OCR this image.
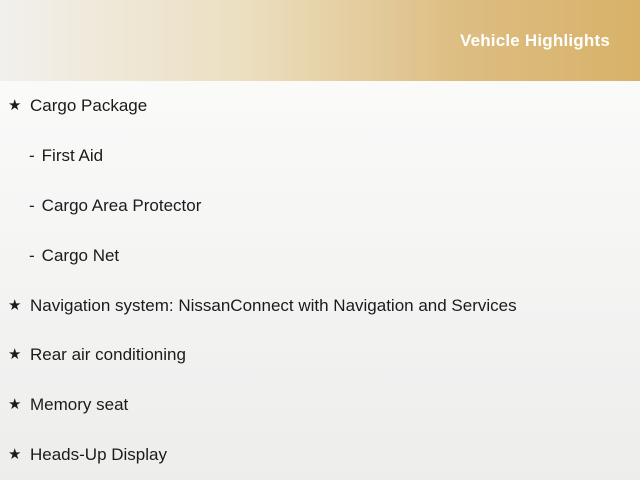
Vehicle Highlights
★ Cargo Package
- First Aid
- Cargo Area Protector
- Cargo Net
★ Navigation system: NissanConnect with Navigation and Services
★ Rear air conditioning
★ Memory seat
★ Heads-Up Display
